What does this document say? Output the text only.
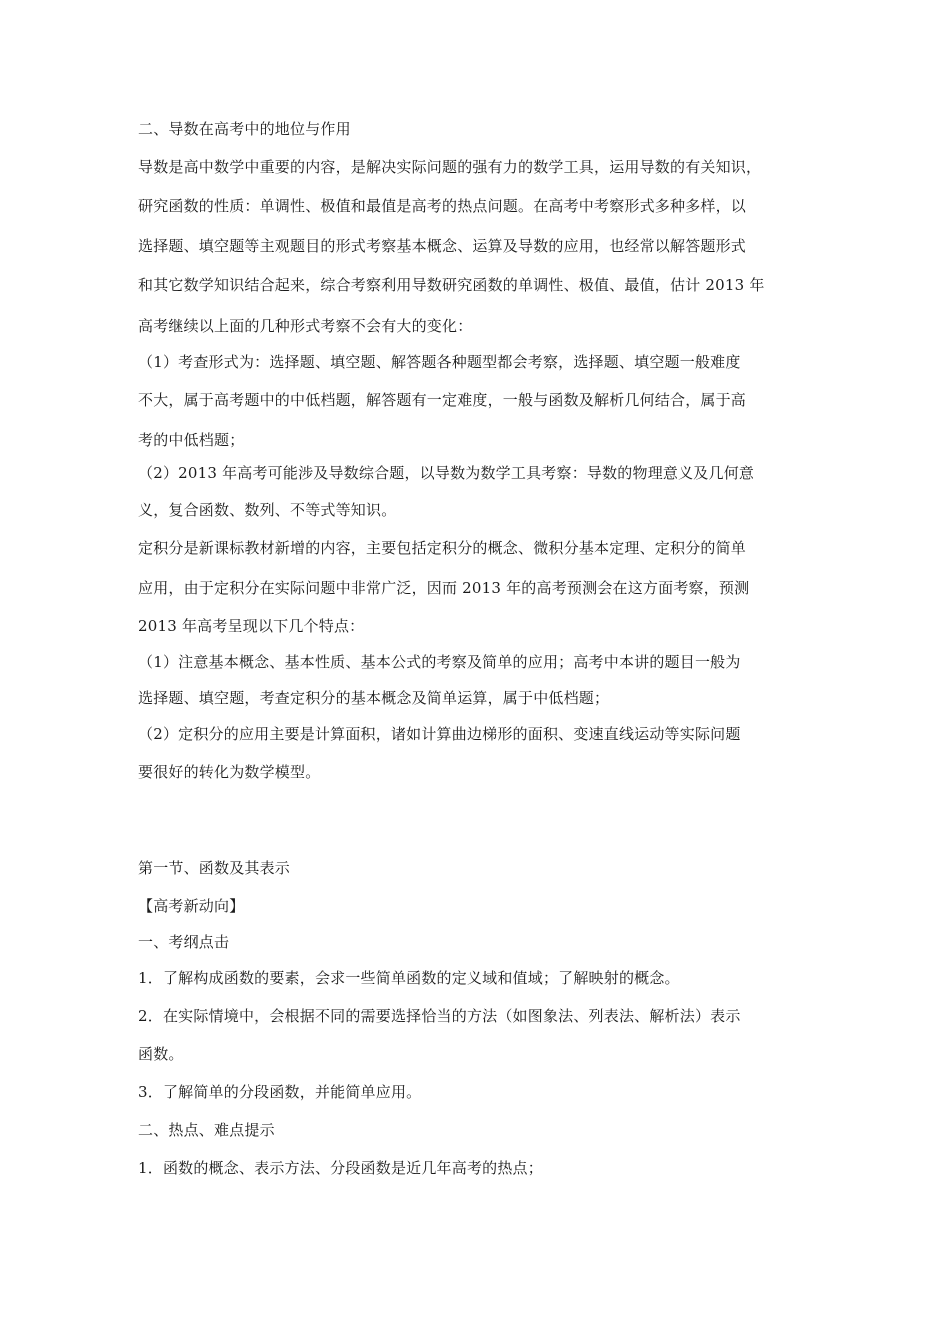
二、导数在高考中的地位与作用
导数是高中数学中重要的内容，是解决实际问题的强有力的数学工具，运用导数的有关知识，
研究函数的性质：单调性、极值和最值是高考的热点问题。在高考中考察形式多种多样，以
选择题、填空题等主观题目的形式考察基本概念、运算及导数的应用，也经常以解答题形式
和其它数学知识结合起来，综合考察利用导数研究函数的单调性、极值、最值，估计 2013 年
高考继续以上面的几种形式考察不会有大的变化：
（1）考查形式为：选择题、填空题、解答题各种题型都会考察，选择题、填空题一般难度
不大，属于高考题中的中低档题，解答题有一定难度，一般与函数及解析几何结合，属于高
考的中低档题；
（2）2013 年高考可能涉及导数综合题，以导数为数学工具考察：导数的物理意义及几何意
义，复合函数、数列、不等式等知识。
定积分是新课标教材新增的内容，主要包括定积分的概念、微积分基本定理、定积分的简单
应用，由于定积分在实际问题中非常广泛，因而 2013 年的高考预测会在这方面考察，预测
2013 年高考呈现以下几个特点：
（1）注意基本概念、基本性质、基本公式的考察及简单的应用；高考中本讲的题目一般为
选择题、填空题，考查定积分的基本概念及简单运算，属于中低档题；
（2）定积分的应用主要是计算面积，诸如计算曲边梯形的面积、变速直线运动等实际问题
要很好的转化为数学模型。
第一节、函数及其表示
【高考新动向】
一、考纲点击
1．了解构成函数的要素，会求一些简单函数的定义域和值域；了解映射的概念。
2．在实际情境中，会根据不同的需要选择恰当的方法（如图象法、列表法、解析法）表示
函数。
3．了解简单的分段函数，并能简单应用。
二、热点、难点提示
1．函数的概念、表示方法、分段函数是近几年高考的热点；
